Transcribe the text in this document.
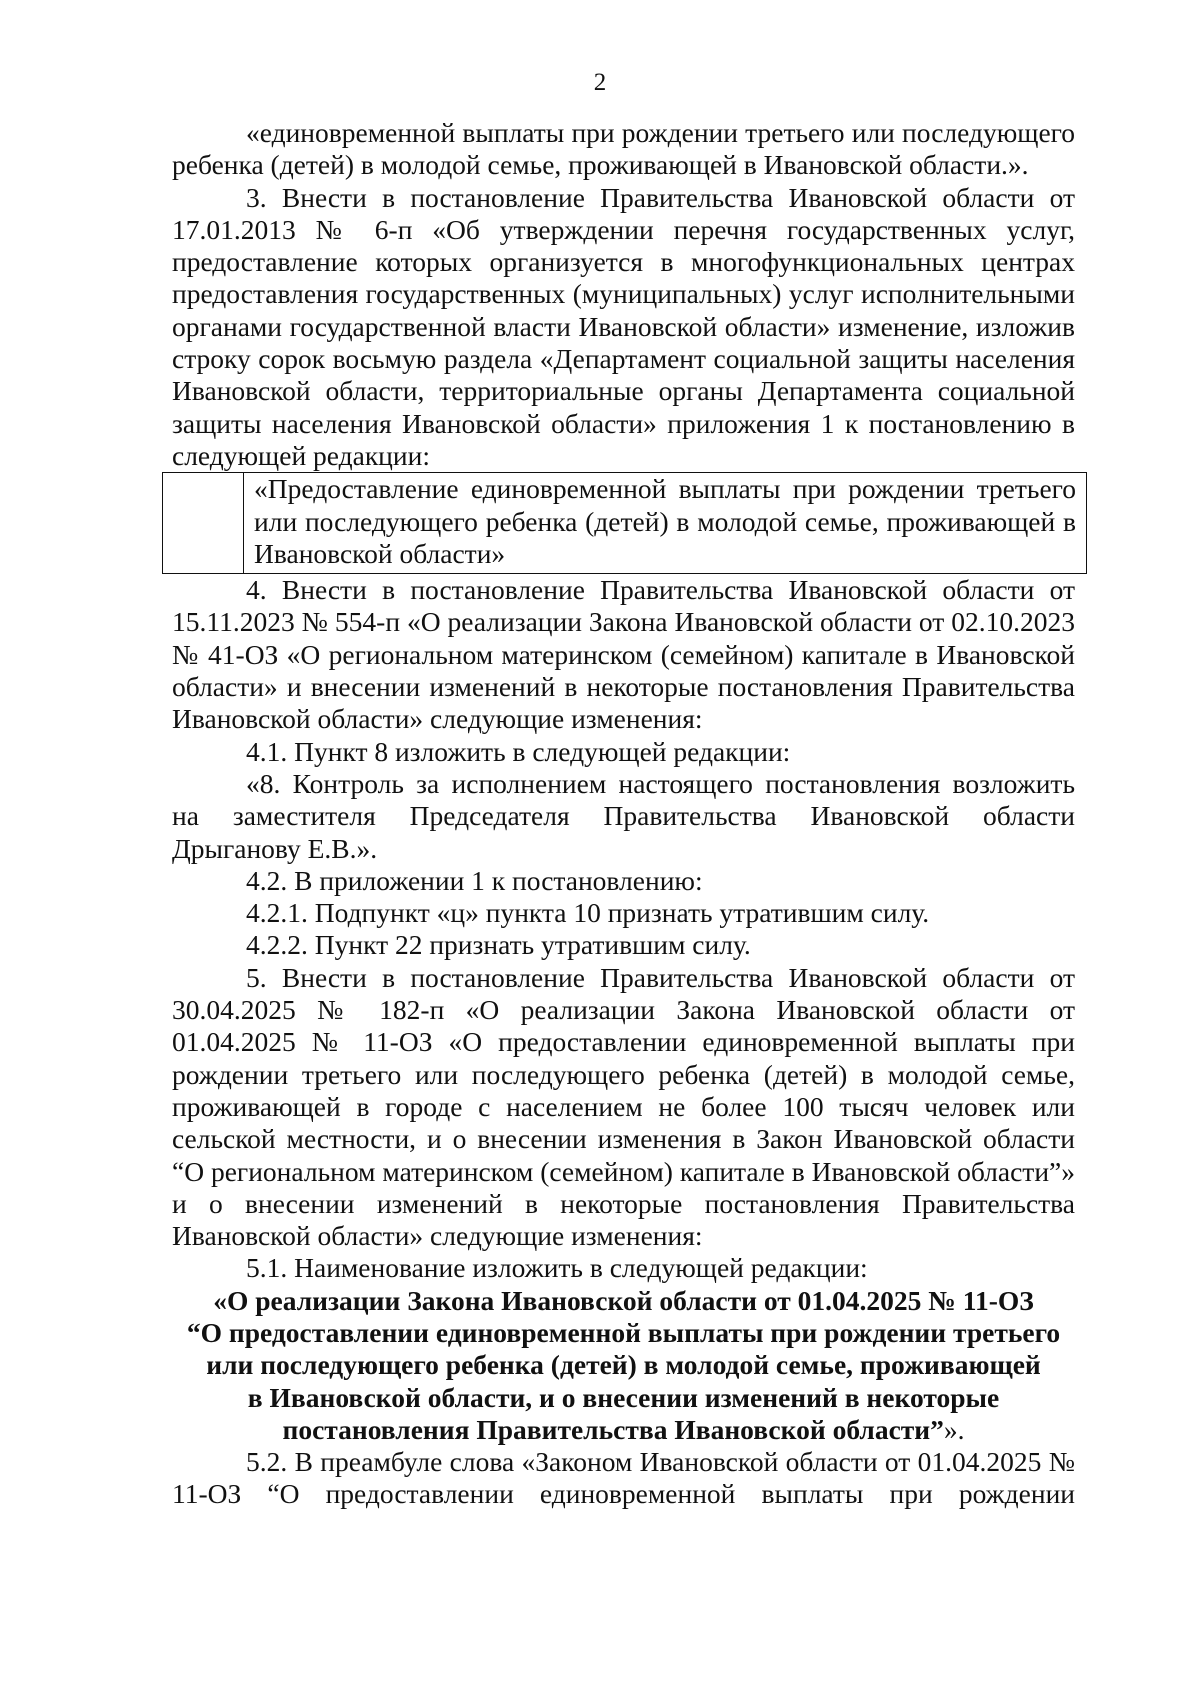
2

«единовременной выплаты при рождении третьего или последующего ребенка (детей) в молодой семье, проживающей в Ивановской области.».

3. Внести в постановление Правительства Ивановской области от 17.01.2013 № 6-п «Об утверждении перечня государственных услуг, предоставление которых организуется в многофункциональных центрах предоставления государственных (муниципальных) услуг исполнительными органами государственной власти Ивановской области» изменение, изложив строку сорок восьмую раздела «Департамент социальной защиты населения Ивановской области, территориальные органы Департамента социальной защиты населения Ивановской области» приложения 1 к постановлению в следующей редакции:

	«Предоставление единовременной выплаты при рождении третьего или последующего ребенка (детей) в молодой семье, проживающей в Ивановской области»

4. Внести в постановление Правительства Ивановской области от 15.11.2023 № 554-п «О реализации Закона Ивановской области от 02.10.2023 № 41-ОЗ «О региональном материнском (семейном) капитале в Ивановской области» и внесении изменений в некоторые постановления Правительства Ивановской области» следующие изменения:

4.1. Пункт 8 изложить в следующей редакции:

«8. Контроль за исполнением настоящего постановления возложить на заместителя Председателя Правительства Ивановской области Дрыганову Е.В.».

4.2. В приложении 1 к постановлению:

4.2.1. Подпункт «ц» пункта 10 признать утратившим силу.

4.2.2. Пункт 22 признать утратившим силу.

5. Внести в постановление Правительства Ивановской области от 30.04.2025 № 182-п «О реализации Закона Ивановской области от 01.04.2025 № 11-ОЗ «О предоставлении единовременной выплаты при рождении третьего или последующего ребенка (детей) в молодой семье, проживающей в городе с населением не более 100 тысяч человек или сельской местности, и о внесении изменения в Закон Ивановской области “О региональном материнском (семейном) капитале в Ивановской области”» и о внесении изменений в некоторые постановления Правительства Ивановской области» следующие изменения:

5.1. Наименование изложить в следующей редакции:

«О реализации Закона Ивановской области от 01.04.2025 № 11-ОЗ

“О предоставлении единовременной выплаты при рождении третьего

или последующего ребенка (детей) в молодой семье, проживающей

в Ивановской области, и о внесении изменений в некоторые

постановления Правительства Ивановской области”».

5.2. В преамбуле слова «Законом Ивановской области от 01.04.2025 № 11-ОЗ “О предоставлении единовременной выплаты при рождении
